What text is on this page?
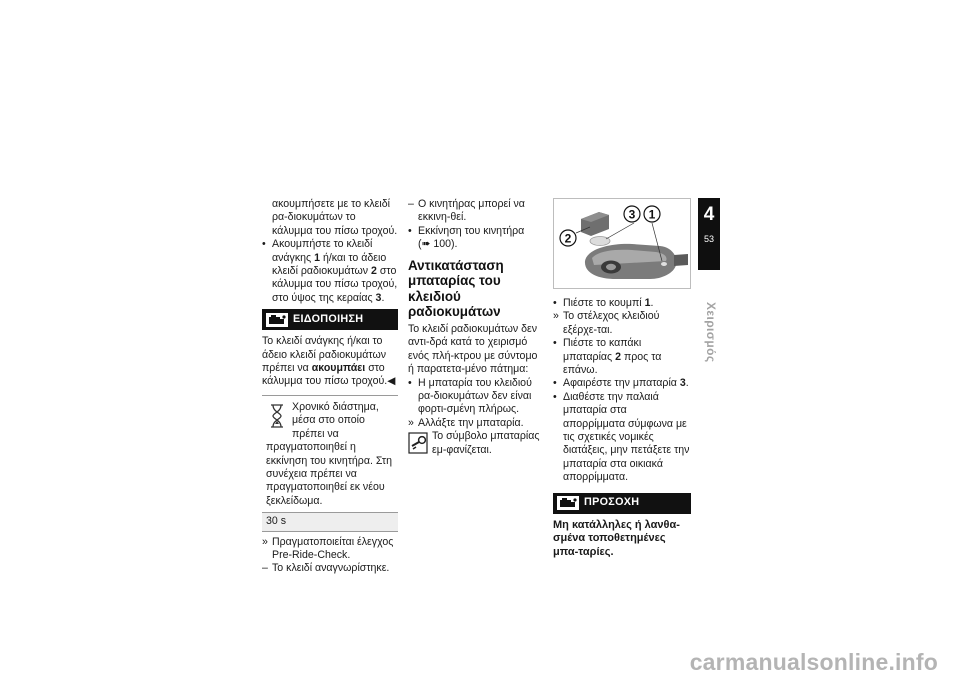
ακουμπήσετε με το κλειδί ρα-διοκυμάτων το κάλυμμα του πίσω τροχού.

• Ακουμπήστε το κλειδί ανάγκης 1 ή/και το άδειο κλειδί ραδιοκυμάτων 2 στο κάλυμμα του πίσω τροχού, στο ύψος της κεραίας 3.

ΕΙΔΟΠΟΙΗΣΗ

Το κλειδί ανάγκης ή/και το άδειο κλειδί ραδιοκυμάτων πρέπει να ακουμπάει στο κάλυμμα του πίσω τροχού.◀

Χρονικό διάστημα, μέσα στο οποίο πρέπει να πραγματοποιηθεί η εκκίνηση του κινητήρα. Στη συνέχεια πρέπει να πραγματοποιηθεί εκ νέου ξεκλείδωμα.
30 s

» Πραγματοποιείται έλεγχος Pre-Ride-Check.

– Το κλειδί αναγνωρίστηκε.

– Ο κινητήρας μπορεί να εκκινη-θεί.

• Εκκίνηση του κινητήρα
(➠ 100).

Αντικατάσταση μπαταρίας του κλειδιού ραδιοκυμάτων

Το κλειδί ραδιοκυμάτων δεν αντι-δρά κατά το χειρισμό ενός πλή-κτρου με σύντομο ή παρατετα-μένο πάτημα:

• Η μπαταρία του κλειδιού ρα-διοκυμάτων δεν είναι φορτι-σμένη πλήρως.

» Αλλάξτε την μπαταρία.

Το σύμβολο μπαταρίας εμ-φανίζεται.
2
3 1

• Πιέστε το κουμπί 1.

» Το στέλεχος κλειδιού εξέρχε-ται.

• Πιέστε το καπάκι μπαταρίας 2 προς τα επάνω.

• Αφαιρέστε την μπαταρία 3.

• Διαθέστε την παλαιά μπαταρία στα απορρίμματα σύμφωνα με τις σχετικές νομικές διατάξεις, μην πετάξετε την μπαταρία στα οικιακά απορρίμματα.

ΠΡΟΣΟΧΗ
Μη κατάλληλες ή λανθα-σμένα τοποθετημένες μπα-ταρίες.
4
53
Χειρισμός
carmanualsonline.info
